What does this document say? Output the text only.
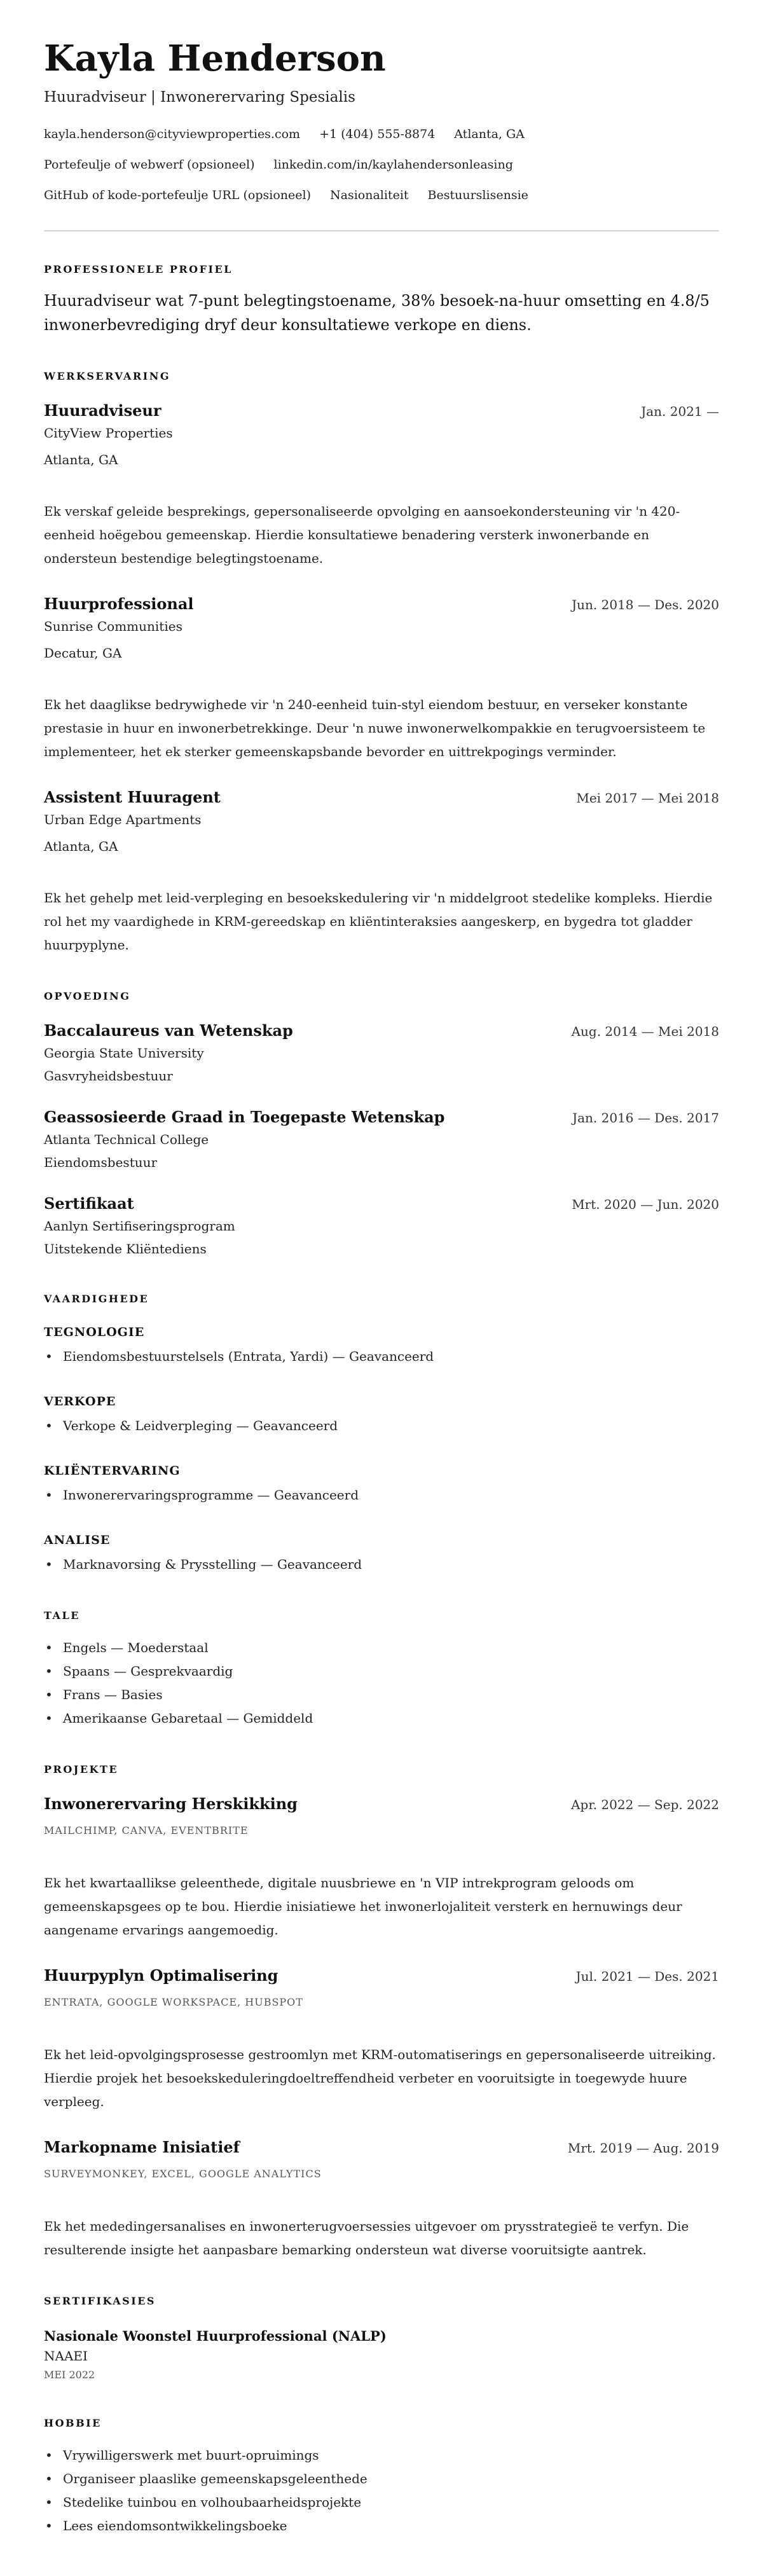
Kayla Henderson
Huuradviseur | Inwonerervaring Spesialis
kayla.henderson@cityviewproperties.com +1 (404) 555-8874 Atlanta, GA
Portefeulje of webwerf (opsioneel) linkedin.com/in/kaylahendersonleasing
GitHub of kode-portefeulje URL (opsioneel) Nasionaliteit Bestuurslisensie
PROFESSIONELE PROFIEL

Huuradviseur wat 7-punt belegtingstoename, 38% besoek-na-huur omsetting en 4.8/5 inwonerbevrediging dryf deur konsultatiewe verkope en diens.

WERKSERVARING
Huuradviseur	Jan. 2021 —
CityView Properties
Atlanta, GA

Ek verskaf geleide besprekings, gepersonaliseerde opvolging en aansoekondersteuning vir 'n 420-eenheid hoëgebou gemeenskap. Hierdie konsultatiewe benadering versterk inwonerbande en ondersteun bestendige belegtingstoename.

Huurprofessional	Jun. 2018 — Des. 2020
Sunrise Communities
Decatur, GA

Ek het daaglikse bedrywighede vir 'n 240-eenheid tuin-styl eiendom bestuur, en verseker konstante prestasie in huur en inwonerbetrekkinge. Deur 'n nuwe inwonerwelkompakkie en terugvoersisteem te implementeer, het ek sterker gemeenskapsbande bevorder en uittrekpogings verminder.

Assistent Huuragent	Mei 2017 — Mei 2018
Urban Edge Apartments
Atlanta, GA

Ek het gehelp met leid-verpleging en besoekskedulering vir 'n middelgroot stedelike kompleks. Hierdie rol het my vaardighede in KRM-gereedskap en kliëntinteraksies aangeskerp, en bygedra tot gladder huurpyplyne.

OPVOEDING
Baccalaureus van Wetenskap	Aug. 2014 — Mei 2018
Georgia State University
Gasvryheidsbestuur
Geassosieerde Graad in Toegepaste Wetenskap	Jan. 2016 — Des. 2017
Atlanta Technical College
Eiendomsbestuur
Sertifikaat	Mrt. 2020 — Jun. 2020
Aanlyn Sertifiseringsprogram
Uitstekende Kliëntediens
VAARDIGHEDE
TEGNOLOGIE
• Eiendomsbestuurstelsels (Entrata, Yardi) — Geavanceerd
VERKOPE
• Verkope & Leidverpleging — Geavanceerd
KLIËNTERVARING
• Inwonerervaringsprogramme — Geavanceerd
ANALISE
• Marknavorsing & Prysstelling — Geavanceerd
TALE
• Engels — Moederstaal
• Spaans — Gesprekvaardig
• Frans — Basies
• Amerikaanse Gebaretaal — Gemiddeld
PROJEKTE
Inwonerervaring Herskikking	Apr. 2022 — Sep. 2022
MAILCHIMP, CANVA, EVENTBRITE

Ek het kwartaallikse geleenthede, digitale nuusbriewe en 'n VIP intrekprogram geloods om gemeenskapsgees op te bou. Hierdie inisiatiewe het inwonerlojaliteit versterk en hernuwings deur aangename ervarings aangemoedig.

Huurpyplyn Optimalisering	Jul. 2021 — Des. 2021
ENTRATA, GOOGLE WORKSPACE, HUBSPOT

Ek het leid-opvolgingsprosesse gestroomlyn met KRM-outomatiserings en gepersonaliseerde uitreiking. Hierdie projek het besoekskeduleringdoeltreffendheid verbeter en vooruitsigte in toegewyde huure verpleeg.

Markopname Inisiatief	Mrt. 2019 — Aug. 2019
SURVEYMONKEY, EXCEL, GOOGLE ANALYTICS

Ek het mededingersanalises en inwonerterugvoersessies uitgevoer om prysstrategieë te verfyn. Die resulterende insigte het aanpasbare bemarking ondersteun wat diverse vooruitsigte aantrek.

SERTIFIKASIES
Nasionale Woonstel Huurprofessional (NALP)
NAAEI
MEI 2022
HOBBIE
• Vrywilligerswerk met buurt-opruimings
• Organiseer plaaslike gemeenskapsgeleenthede
• Stedelike tuinbou en volhoubaarheidsprojekte
• Lees eiendomsontwikkelingsboeke
